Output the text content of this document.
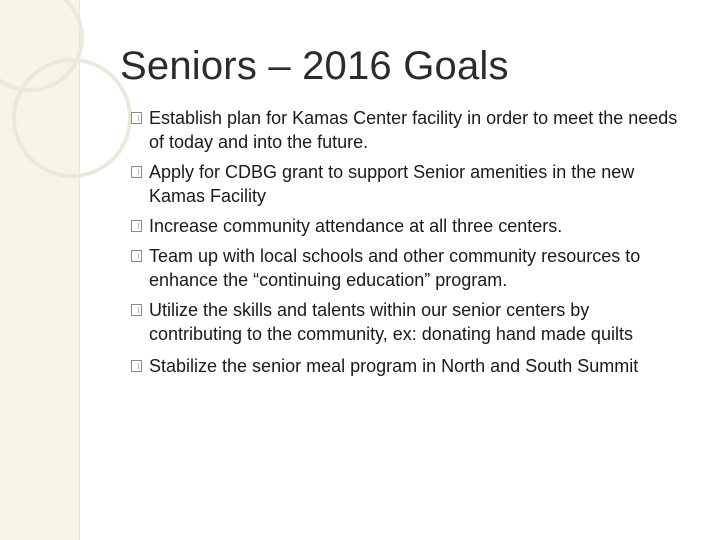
Seniors – 2016 Goals
Establish plan for Kamas Center facility in order to meet the needs of today and into the future.
Apply for CDBG grant to support Senior amenities in the new Kamas Facility
Increase community attendance at all three centers.
Team up with local schools and other community resources to enhance the “continuing education” program.
Utilize the skills and talents within our senior centers by contributing to the community, ex: donating hand made quilts
Stabilize the senior meal program in North and South Summit
